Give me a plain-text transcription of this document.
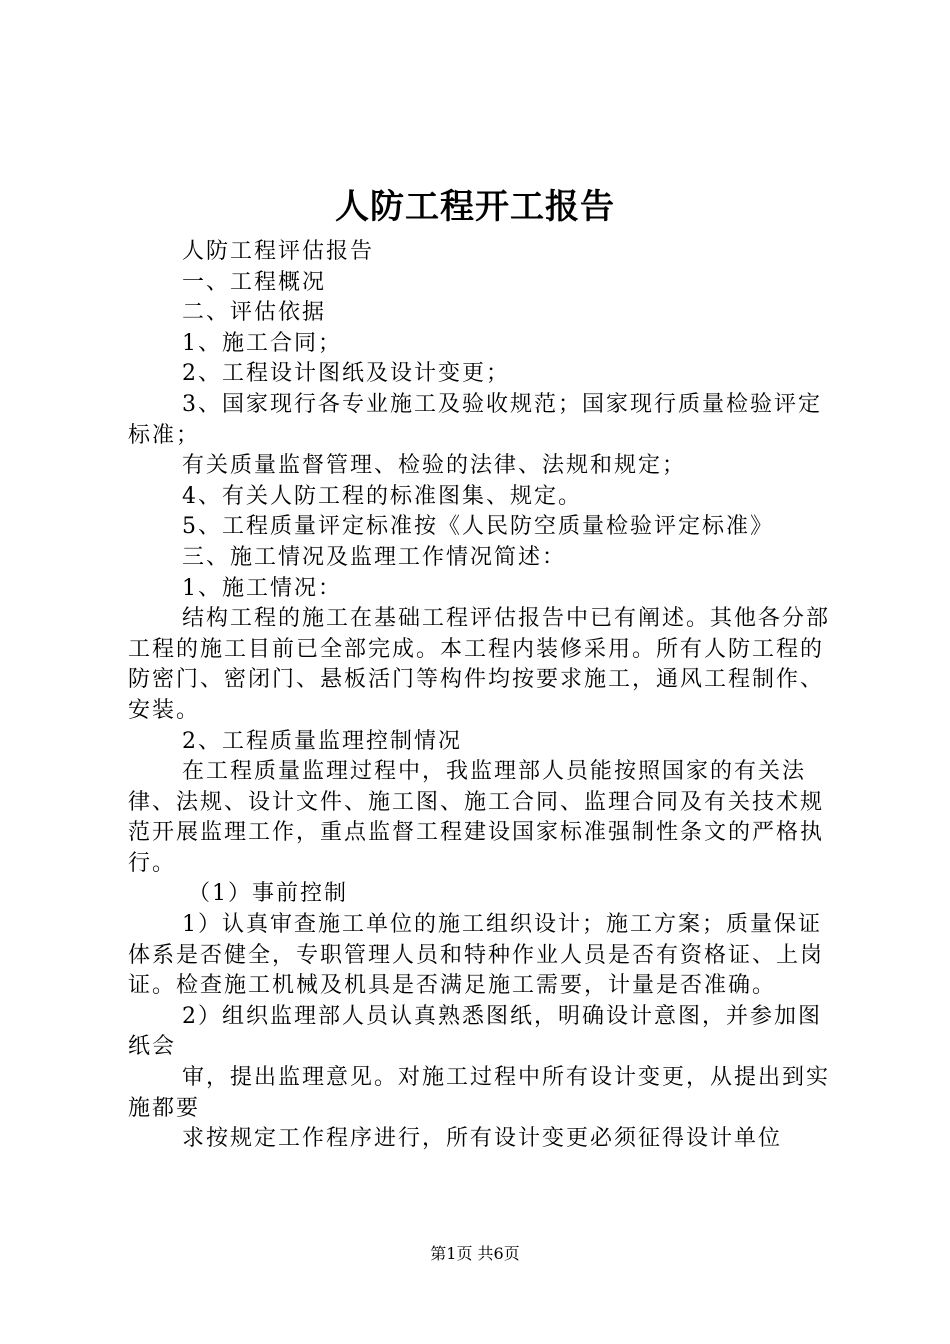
人防工程开工报告

人防工程评估报告

一、工程概况

二、评估依据

1、施工合同；

2、工程设计图纸及设计变更；

3、国家现行各专业施工及验收规范；国家现行质量检验评定标准；

有关质量监督管理、检验的法律、法规和规定；

4、有关人防工程的标准图集、规定。

5、工程质量评定标准按《人民防空质量检验评定标准》

三、施工情况及监理工作情况简述：

1、施工情况：

结构工程的施工在基础工程评估报告中已有阐述。其他各分部工程的施工目前已全部完成。本工程内装修采用。所有人防工程的防密门、密闭门、悬板活门等构件均按要求施工，通风工程制作、安装。

2、工程质量监理控制情况

在工程质量监理过程中，我监理部人员能按照国家的有关法律、法规、设计文件、施工图、施工合同、监理合同及有关技术规范开展监理工作，重点监督工程建设国家标准强制性条文的严格执行。

（1）事前控制

1）认真审查施工单位的施工组织设计；施工方案；质量保证体系是否健全，专职管理人员和特种作业人员是否有资格证、上岗证。检查施工机械及机具是否满足施工需要，计量是否准确。

2）组织监理部人员认真熟悉图纸，明确设计意图，并参加图纸会

审，提出监理意见。对施工过程中所有设计变更，从提出到实施都要

求按规定工作程序进行，所有设计变更必须征得设计单位

第1页 共6页
